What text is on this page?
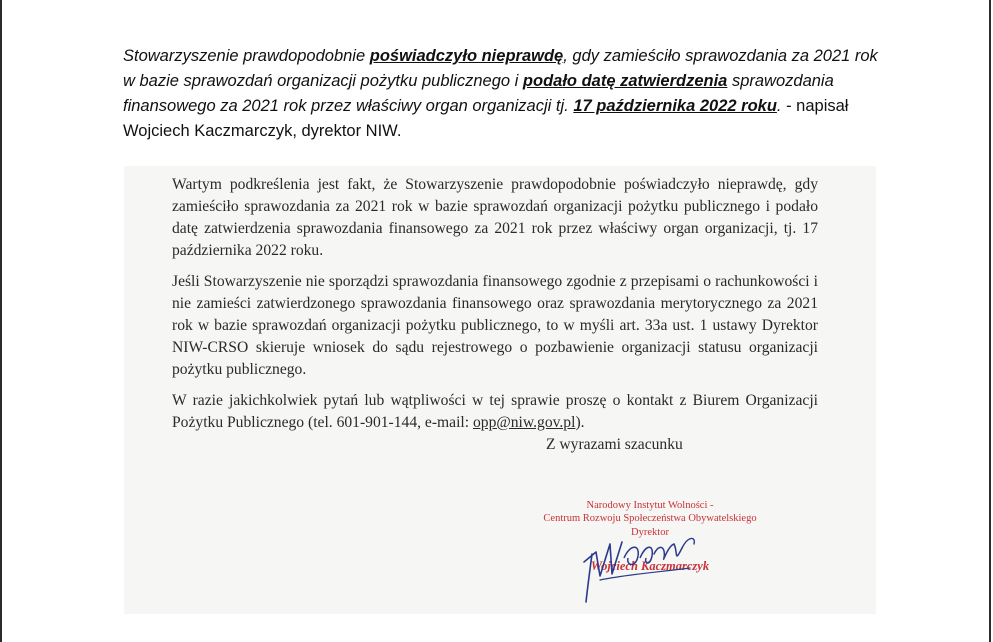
Stowarzyszenie prawdopodobnie poświadczyło nieprawdę, gdy zamieściło sprawozdania za 2021 rok w bazie sprawozdań organizacji pożytku publicznego i podało datę zatwierdzenia sprawozdania finansowego za 2021 rok przez właściwy organ organizacji tj. 17 października 2022 roku. - napisał Wojciech Kaczmarczyk, dyrektor NIW.

Wartym podkreślenia jest fakt, że Stowarzyszenie prawdopodobnie poświadczyło nieprawdę, gdy zamieściło sprawozdania za 2021 rok w bazie sprawozdań organizacji pożytku publicznego i podało datę zatwierdzenia sprawozdania finansowego za 2021 rok przez właściwy organ organizacji, tj. 17 października 2022 roku.

Jeśli Stowarzyszenie nie sporządzi sprawozdania finansowego zgodnie z przepisami o rachunkowości i nie zamieści zatwierdzonego sprawozdania finansowego oraz sprawozdania merytorycznego za 2021 rok w bazie sprawozdań organizacji pożytku publicznego, to w myśli art. 33a ust. 1 ustawy Dyrektor NIW-CRSO skieruje wniosek do sądu rejestrowego o pozbawienie organizacji statusu organizacji pożytku publicznego.

W razie jakichkolwiek pytań lub wątpliwości w tej sprawie proszę o kontakt z Biurem Organizacji Pożytku Publicznego (tel. 601-901-144, e-mail: opp@niw.gov.pl).

Z wyrazami szacunku
Narodowy Instytut Wolności -
Centrum Rozwoju Społeczeństwa Obywatelskiego
Dyrektor
Wojciech Kaczmarczyk
